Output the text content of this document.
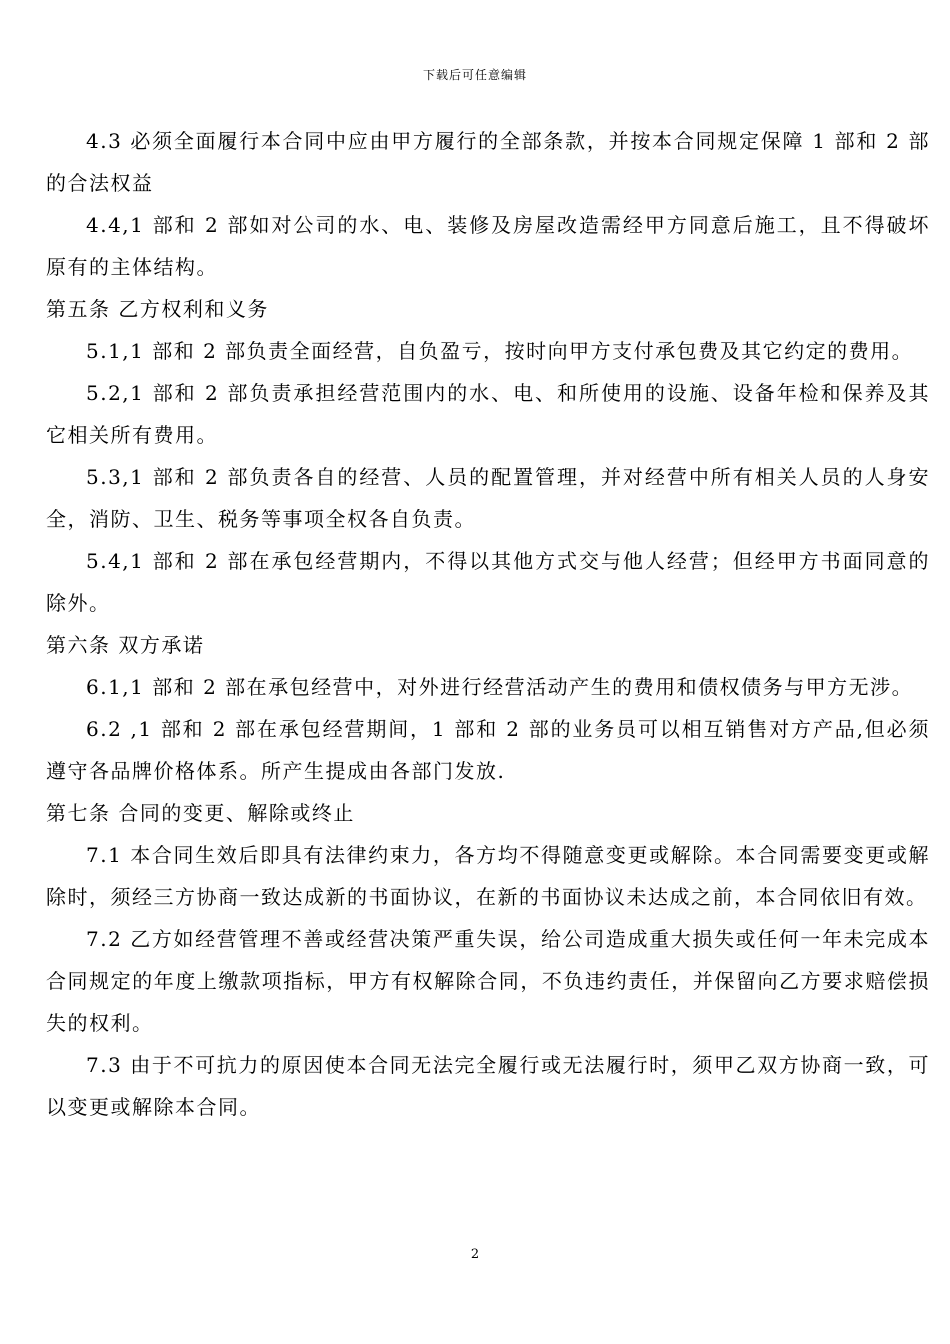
下载后可任意编辑

4.3 必须全面履行本合同中应由甲方履行的全部条款，并按本合同规定保障 1 部和 2 部的合法权益

4.4,1 部和 2 部如对公司的水、电、装修及房屋改造需经甲方同意后施工，且不得破坏原有的主体结构。

第五条 乙方权利和义务

5.1,1 部和 2 部负责全面经营，自负盈亏，按时向甲方支付承包费及其它约定的费用。

5.2,1 部和 2 部负责承担经营范围内的水、电、和所使用的设施、设备年检和保养及其它相关所有费用。

5.3,1 部和 2 部负责各自的经营、人员的配置管理，并对经营中所有相关人员的人身安全，消防、卫生、税务等事项全权各自负责。

5.4,1 部和 2 部在承包经营期内，不得以其他方式交与他人经营；但经甲方书面同意的除外。

第六条 双方承诺

6.1,1 部和 2 部在承包经营中，对外进行经营活动产生的费用和债权债务与甲方无涉。

6.2 ,1 部和 2 部在承包经营期间，1 部和 2 部的业务员可以相互销售对方产品,但必须遵守各品牌价格体系。所产生提成由各部门发放.

第七条 合同的变更、解除或终止

7.1 本合同生效后即具有法律约束力，各方均不得随意变更或解除。本合同需要变更或解除时，须经三方协商一致达成新的书面协议，在新的书面协议未达成之前，本合同依旧有效。

7.2 乙方如经营管理不善或经营决策严重失误，给公司造成重大损失或任何一年未完成本合同规定的年度上缴款项指标，甲方有权解除合同，不负违约责任，并保留向乙方要求赔偿损失的权利。

7.3 由于不可抗力的原因使本合同无法完全履行或无法履行时，须甲乙双方协商一致，可以变更或解除本合同。

2
